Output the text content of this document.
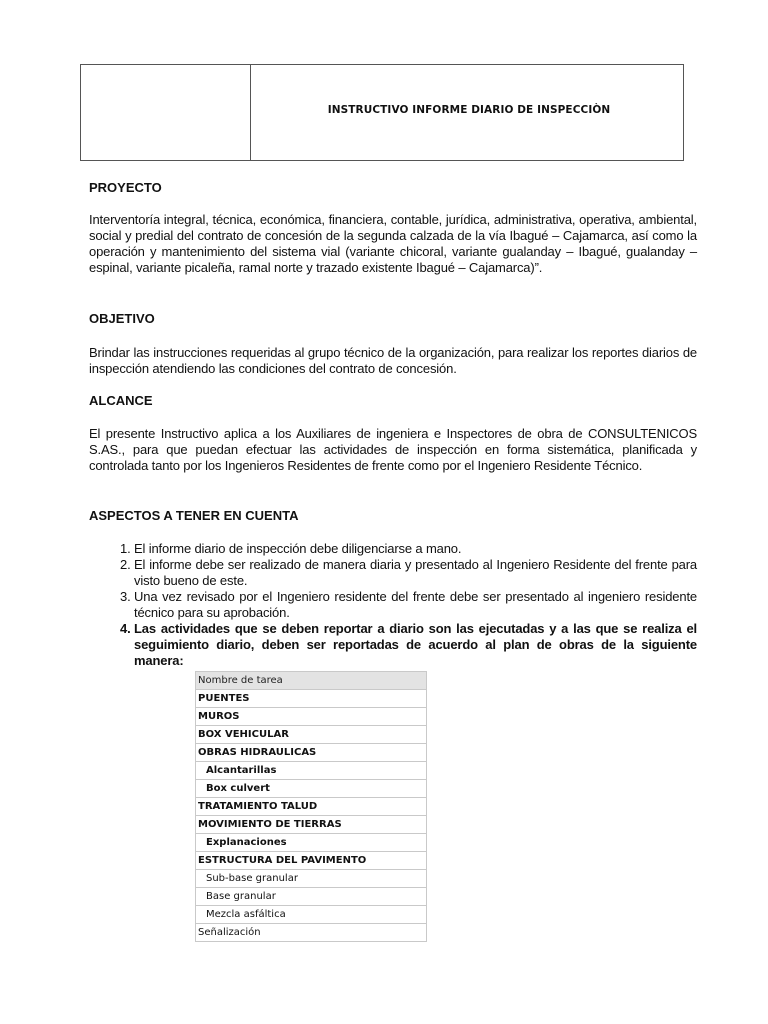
INSTRUCTIVO INFORME DIARIO DE INSPECCIÒN
PROYECTO

Interventoría integral, técnica, económica, financiera, contable, jurídica, administrativa, operativa, ambiental, social y predial del contrato de concesión de la segunda calzada de la vía Ibagué – Cajamarca, así como la operación y mantenimiento del sistema vial (variante chicoral, variante gualanday – Ibagué, gualanday – espinal, variante picaleña, ramal norte y trazado existente Ibagué – Cajamarca)”.

OBJETIVO

Brindar las instrucciones requeridas al grupo técnico de la organización, para realizar los reportes diarios de inspección atendiendo las condiciones del contrato de concesión.

ALCANCE

El presente Instructivo aplica a los Auxiliares de ingeniera e Inspectores de obra de CONSULTENICOS S.AS., para que puedan efectuar las actividades de inspección en forma sistemática, planificada y controlada tanto por los Ingenieros Residentes de frente como por el Ingeniero Residente Técnico.

ASPECTOS A TENER EN CUENTA
1. El informe diario de inspección debe diligenciarse a mano.
2. El informe debe ser realizado de manera diaria y presentado al Ingeniero Residente del frente para visto bueno de este.
3. Una vez revisado por el Ingeniero residente del frente debe ser presentado al ingeniero residente técnico para su aprobación.
4. Las actividades que se deben reportar a diario son las ejecutadas y a las que se realiza el seguimiento diario, deben ser reportadas de acuerdo al plan de obras de la siguiente manera:
Nombre de tarea
PUENTES
MUROS
BOX VEHICULAR
OBRAS HIDRAULICAS
Alcantarillas
Box culvert
TRATAMIENTO TALUD
MOVIMIENTO DE TIERRAS
Explanaciones
ESTRUCTURA DEL PAVIMENTO
Sub-base granular
Base granular
Mezcla asfáltica
Señalización
